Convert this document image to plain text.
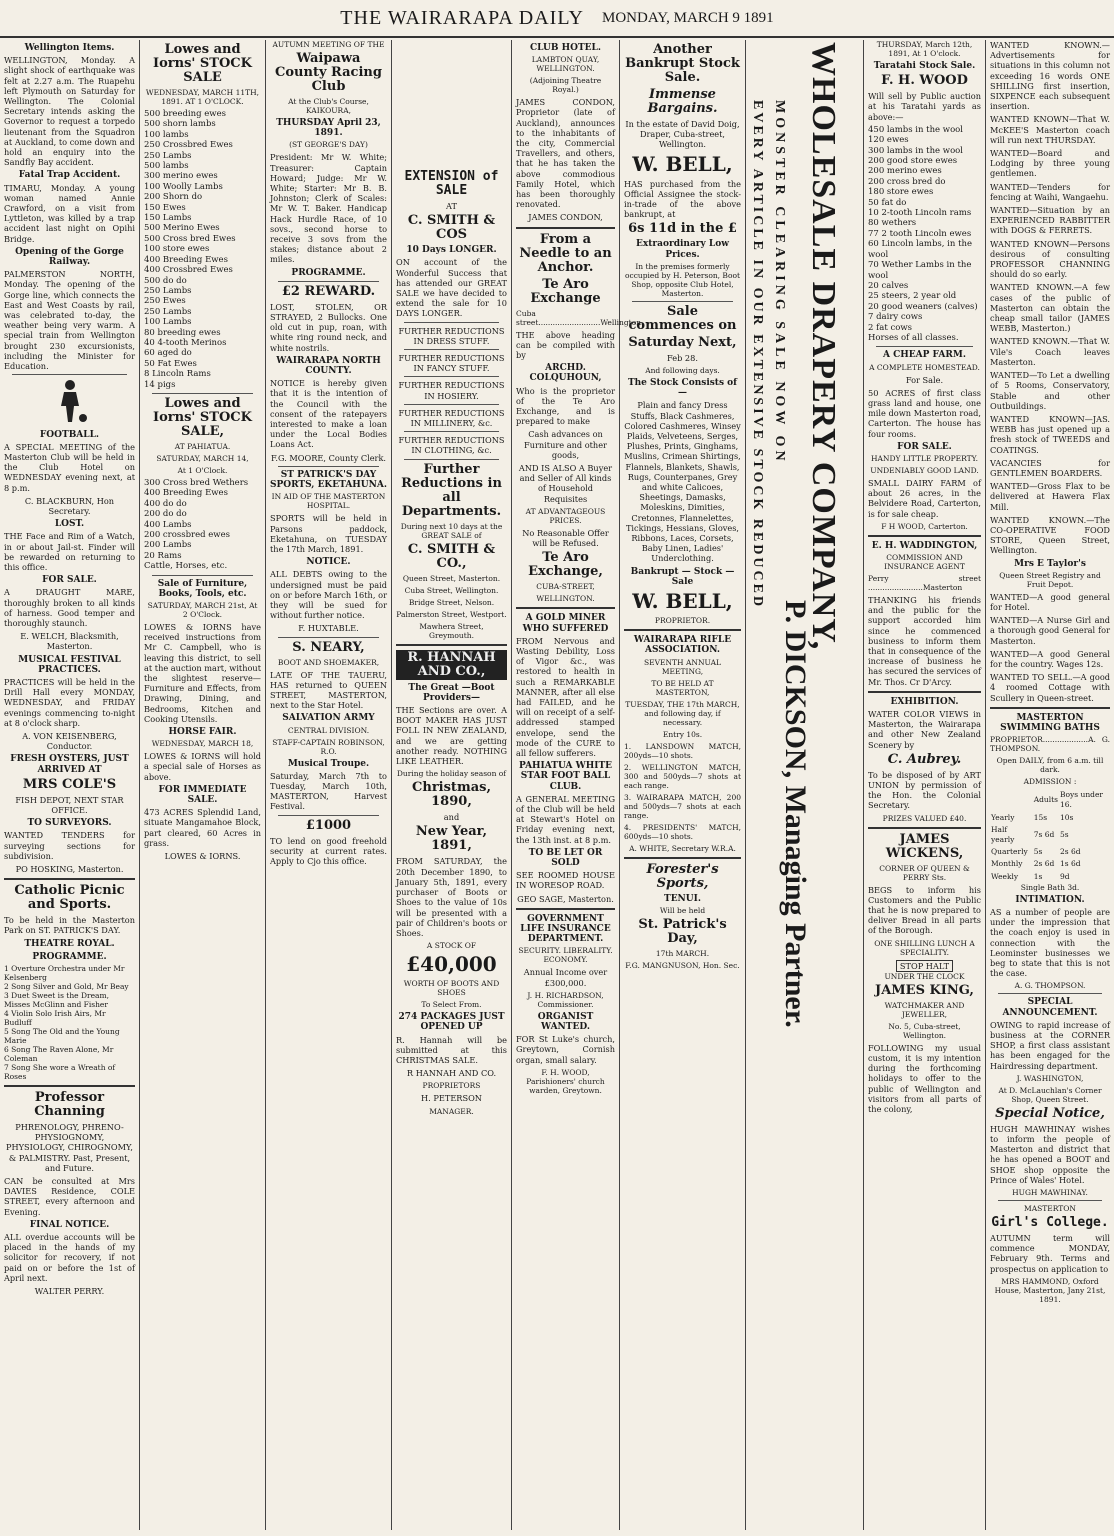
THE WAIRARAPA DAILY MONDAY, MARCH 9 1891
Wellington Items.

WELLINGTON, Monday. A slight shock of earthquake was felt at 2.27 a.m. The Ruapehu left Plymouth on Saturday for Wellington. The Colonial Secretary intends asking the Governor to request a torpedo lieutenant from the Squadron at Auckland, to come down and hold an enquiry into the Sandfly Bay accident.

Fatal Trap Accident.

TIMARU, Monday. A young woman named Annie Crawford, on a visit from Lyttleton, was killed by a trap accident last night on Opihi Bridge.

Opening of the Gorge Railway.

PALMERSTON NORTH, Monday. The opening of the Gorge line, which connects the East and West Coasts by rail, was celebrated to-day, the weather being very warm. A special train from Wellington brought 230 excursionists, including the Minister for Education.

FOOTBALL.

A SPECIAL MEETING of the Masterton Club will be held in the Club Hotel on WEDNESDAY evening next, at 8 p.m.

C. BLACKBURN, Hon Secretary.

LOST.

THE Face and Rim of a Watch, in or about Jail-st. Finder will be rewarded on returning to this office.

FOR SALE.

A DRAUGHT MARE, thoroughly broken to all kinds of harness. Good temper and thoroughly staunch.

E. WELCH, Blacksmith, Masterton.

MUSICAL FESTIVAL PRACTICES.

PRACTICES will be held in the Drill Hall every MONDAY, WEDNESDAY, and FRIDAY evenings commencing to-night at 8 o'clock sharp.

A. VON KEISENBERG, Conductor.

FRESH OYSTERS, JUST ARRIVED AT
MRS COLE'S

FISH DEPOT, NEXT STAR OFFICE.

TO SURVEYORS.

WANTED TENDERS for surveying sections for subdivision.

PO HOSKING, Masterton.

Catholic Picnic and Sports.

To be held in the Masterton Park on ST. PATRICK'S DAY.

THEATRE ROYAL.
PROGRAMME.
1 Overture Orchestra under Mr Kelsenberg
2 Song Silver and Gold, Mr Beay
3 Duet Sweet is the Dream, Misses McGlinn and Fisher
4 Violin Solo Irish Airs, Mr Budluff
5 Song The Old and the Young Marie
6 Song The Raven Alone, Mr Coleman
7 Song She wore a Wreath of Roses
Professor Channing

PHRENOLOGY, PHRENO-PHYSIOGNOMY, PHYSIOLOGY, CHIROGNOMY, & PALMISTRY. Past, Present, and Future.

CAN be consulted at Mrs DAVIES Residence, COLE STREET, every afternoon and Evening.

FINAL NOTICE.

ALL overdue accounts will be placed in the hands of my solicitor for recovery, if not paid on or before the 1st of April next.

WALTER PERRY.

Lowes and Iorns' STOCK SALE

WEDNESDAY, MARCH 11TH, 1891. AT 1 O'CLOCK.

500 breeding ewes
500 shorn lambs
100 lambs
250 Crossbred Ewes
250 Lambs
500 lambs
300 merino ewes
100 Woolly Lambs
200 Shorn do
150 Ewes
150 Lambs
500 Merino Ewes
500 Cross bred Ewes
100 store ewes
400 Breeding Ewes
400 Crossbred Ewes
500 do do
250 Lambs
250 Ewes
250 Lambs
100 Lambs
80 breeding ewes
40 4-tooth Merinos
60 aged do
50 Fat Ewes
8 Lincoln Rams
14 pigs
Lowes and Iorns' STOCK SALE,

AT PAHIATUA.

SATURDAY, MARCH 14,

At 1 O'Clock.

300 Cross bred Wethers
400 Breeding Ewes
400 do do
200 do do
400 Lambs
200 crossbred ewes
200 Lambs
20 Rams
Cattle, Horses, etc.
Sale of Furniture, Books, Tools, etc.

SATURDAY, MARCH 21st, At 2 O'Clock.

LOWES & IORNS have received instructions from Mr C. Campbell, who is leaving this district, to sell at the auction mart, without the slightest reserve— Furniture and Effects, from Drawing, Dining, and Bedrooms, Kitchen and Cooking Utensils.

HORSE FAIR.

WEDNESDAY, MARCH 18,

LOWES & IORNS will hold a special sale of Horses as above.

FOR IMMEDIATE SALE.

473 ACRES Splendid Land, situate Mangamahoe Block, part cleared, 60 Acres in grass.

LOWES & IORNS.

AUTUMN MEETING OF THE

Waipawa County Racing Club

At the Club's Course, KAIKOURA,

THURSDAY April 23, 1891.

(ST GEORGE'S DAY)

President: Mr W. White; Treasurer: Captain Howard; Judge: Mr W. White; Starter: Mr B. B. Johnston; Clerk of Scales: Mr W. T. Baker. Handicap Hack Hurdle Race, of 10 sovs., second horse to receive 3 sovs from the stakes; distance about 2 miles.

PROGRAMME.
£2 REWARD.

LOST, STOLEN, OR STRAYED, 2 Bullocks. One old cut in pup, roan, with white ring round neck, and white nostrils.

WAIRARAPA NORTH COUNTY.

NOTICE is hereby given that it is the intention of the Council with the consent of the ratepayers interested to make a loan under the Local Bodies Loans Act.

F.G. MOORE, County Clerk.

ST PATRICK'S DAY SPORTS, EKETAHUNA.

IN AID OF THE MASTERTON HOSPITAL.

SPORTS will be held in Parsons paddock, Eketahuna, on TUESDAY the 17th March, 1891.

NOTICE.

ALL DEBTS owing to the undersigned must be paid on or before March 16th, or they will be sued for without further notice.

F. HUXTABLE.

S. NEARY,

BOOT AND SHOEMAKER,

LATE OF THE TAUERU, HAS returned to QUEEN STREET, MASTERTON, next to the Star Hotel.

SALVATION ARMY

CENTRAL DIVISION.

STAFF-CAPTAIN ROBINSON, R.O.

Musical Troupe.

Saturday, March 7th to Tuesday, March 10th, MASTERTON, Harvest Festival.

£1000

TO lend on good freehold security at current rates. Apply to Cjo this office.

EXTENSION of SALE

AT

C. SMITH & COS
10 Days LONGER.

ON account of the Wonderful Success that has attended our GREAT SALE we have decided to extend the sale for 10 DAYS LONGER.

FURTHER REDUCTIONS IN DRESS STUFF.

FURTHER REDUCTIONS IN FANCY STUFF.

FURTHER REDUCTIONS IN HOSIERY.

FURTHER REDUCTIONS IN MILLINERY, &c.

FURTHER REDUCTIONS IN CLOTHING, &c.

Further Reductions in all Departments.

During next 10 days at the GREAT SALE of

C. SMITH & CO.,

Queen Street, Masterton.

Cuba Street, Wellington.

Bridge Street, Nelson.

Palmerston Street, Westport.

Mawhera Street, Greymouth.

R. HANNAH AND CO.,
The Great —Boot Providers—

THE Sections are over. A BOOT MAKER HAS JUST FOLL IN NEW ZEALAND, and we are getting another ready. NOTHING LIKE LEATHER.

During the holiday season of

Christmas, 1890,

and

New Year, 1891,

FROM SATURDAY, the 20th December 1890, to January 5th, 1891, every purchaser of Boots or Shoes to the value of 10s will be presented with a pair of Children's boots or Shoes.

A STOCK OF

£40,000

WORTH OF BOOTS AND SHOES

To Select From.

274 PACKAGES JUST OPENED UP

R. Hannah will be submitted at this CHRISTMAS SALE.

R HANNAH AND CO.

PROPRIETORS

H. PETERSON

MANAGER.

CLUB HOTEL.

LAMBTON QUAY, WELLINGTON.

(Adjoining Theatre Royal.)

JAMES CONDON, Proprietor (late of Auckland), announces to the inhabitants of the city, Commercial Travellers, and others, that he has taken the above commodious Family Hotel, which has been thoroughly renovated.

JAMES CONDON,

From a Needle to an Anchor.
Te Aro Exchange

Cuba street..........................Wellington.

THE above heading can be compiled with by

ARCHD. COLQUHOUN,

Who is the proprietor of the Te Aro Exchange, and is prepared to make

Cash advances on Furniture and other goods,

AND IS ALSO A Buyer and Seller of All kinds of Household Requisites

AT ADVANTAGEOUS PRICES.

No Reasonable Offer will be Refused.

Te Aro Exchange,

CUBA-STREET,

WELLINGTON.

A GOLD MINER WHO SUFFERED

FROM Nervous and Wasting Debility, Loss of Vigor &c., was restored to health in such a REMARKABLE MANNER, after all else had FAILED, and he will on receipt of a self-addressed stamped envelope, send the mode of the CURE to all fellow sufferers.

PAHIATUA WHITE STAR FOOT BALL CLUB.

A GENERAL MEETING of the Club will be held at Stewart's Hotel on Friday evening next, the 13th inst. at 8 p.m.

TO BE LET OR SOLD

SEE ROOMED HOUSE IN WORESOP ROAD.

GEO SAGE, Masterton.

GOVERNMENT LIFE INSURANCE DEPARTMENT.

SECURITY. LIBERALITY. ECONOMY.

Annual Income over £300,000.

J. H. RICHARDSON, Commissioner.

ORGANIST WANTED.

FOR St Luke's church, Greytown, Cornish organ, small salary.

F. H. WOOD, Parishioners' church warden, Greytown.

Another Bankrupt Stock Sale.
Immense Bargains.

In the estate of David Doig, Draper, Cuba-street, Wellington.

W. BELL,

HAS purchased from the Official Assignee the stock-in-trade of the above bankrupt, at

6s 11d in the £
Extraordinary Low Prices.

In the premises formerly occupied by H. Peterson, Boot Shop, opposite Club Hotel, Masterton.

Sale commences on
Saturday Next,

Feb 28.

And following days.

The Stock Consists of—

Plain and fancy Dress Stuffs, Black Cashmeres, Colored Cashmeres, Winsey Plaids, Velveteens, Serges, Plushes, Prints, Ginghams, Muslins, Crimean Shirtings, Flannels, Blankets, Shawls, Rugs, Counterpanes, Grey and white Calicoes, Sheetings, Damasks, Moleskins, Dimities, Cretonnes, Flannelettes, Tickings, Hessians, Gloves, Ribbons, Laces, Corsets, Baby Linen, Ladies' Underclothing.

Bankrupt — Stock — Sale
W. BELL,

PROPRIETOR.

WAIRARAPA RIFLE ASSOCIATION.

SEVENTH ANNUAL MEETING,

TO BE HELD AT MASTERTON,

TUESDAY, THE 17th MARCH, and following day, if necessary.

Entry 10s.

1. LANSDOWN MATCH, 200yds—10 shots.

2. WELLINGTON MATCH, 300 and 500yds—7 shots at each range.

3. WAIRARAPA MATCH, 200 and 500yds—7 shots at each range.

4. PRESIDENTS' MATCH, 600yds—10 shots.

A. WHITE, Secretary W.R.A.

Forester's Sports,
TENUI.

Will be held

St. Patrick's Day,

17th MARCH.

F.G. MANGNUSON, Hon. Sec.

WHOLESALE DRAPERY COMPANY,
P. DICKSON, Managing Partner.
MONSTER CLEARING SALE NOW ON
EVERY ARTICLE IN OUR EXTENSIVE STOCK REDUCED

THURSDAY, March 12th, 1891, At 1 O'clock.

Taratahi Stock Sale.
F. H. WOOD

Will sell by Public auction at his Taratahi yards as above:—

450 lambs in the wool
120 ewes
300 lambs in the wool
200 good store ewes
200 merino ewes
200 cross bred do
180 store ewes
50 fat do
10 2-tooth Lincoln rams
80 wethers
77 2 tooth Lincoln ewes
60 Lincoln lambs, in the wool
70 Wether Lambs in the wool
20 calves
25 steers, 2 year old
20 good weaners (calves)
7 dairy cows
2 fat cows
Horses of all classes.
A CHEAP FARM.

A COMPLETE HOMESTEAD.

For Sale.

50 ACRES of first class grass land and house, one mile down Masterton road, Carterton. The house has four rooms.

FOR SALE.

HANDY LITTLE PROPERTY.

UNDENIABLY GOOD LAND.

SMALL DAIRY FARM of about 26 acres, in the Belvidere Road, Carterton, is for sale cheap.

F H WOOD, Carterton.

E. H. WADDINGTON,

COMMISSION AND INSURANCE AGENT

Perry street .......................Masterton

THANKING his friends and the public for the support accorded him since he commenced business to inform them that in consequence of the increase of business he has secured the services of Mr. Thos. Cr D'Arcy.

EXHIBITION.

WATER COLOR VIEWS in Masterton, the Wairarapa and other New Zealand Scenery by

C. Aubrey.

To be disposed of by ART UNION by permission of the Hon. the Colonial Secretary.

PRIZES VALUED £40.

JAMES WICKENS,

CORNER OF QUEEN & PERRY Sts.

BEGS to inform his Customers and the Public that he is now prepared to deliver Bread in all parts of the Borough.

ONE SHILLING LUNCH A SPECIALITY.

STOP HALT

UNDER THE CLOCK

JAMES KING,

WATCHMAKER AND JEWELLER,

No. 5, Cuba-street, Wellington.

FOLLOWING my usual custom, it is my intention during the forthcoming holidays to offer to the public of Wellington and visitors from all parts of the colony,

WANTED KNOWN.—Advertisements for situations in this column not exceeding 16 words ONE SHILLING first insertion, SIXPENCE each subsequent insertion.

WANTED KNOWN—That W. McKEE'S Masterton coach will run next THURSDAY.

WANTED—Board and Lodging by three young gentlemen.

WANTED—Tenders for fencing at Waihi, Wangaehu.

WANTED—Situation by an EXPERIENCED RABBITTER with DOGS & FERRETS.

WANTED KNOWN—Persons desirous of consulting PROFESSOR CHANNING should do so early.

WANTED KNOWN.—A few cases of the public of Masterton can obtain the cheap small tailor (JAMES WEBB, Masterton.)

WANTED KNOWN.—That W. Vile's Coach leaves Masterton.

WANTED—To Let a dwelling of 5 Rooms, Conservatory, Stable and other Outbuildings.

WANTED KNOWN—JAS. WEBB has just opened up a fresh stock of TWEEDS and COATINGS.

VACANCIES for GENTLEMEN BOARDERS.

WANTED—Gross Flax to be delivered at Hawera Flax Mill.

WANTED KNOWN.—The CO-OPERATIVE FOOD STORE, Queen Street, Wellington.

Mrs E Taylor's

Queen Street Registry and Fruit Depot.

WANTED—A good general for Hotel.

WANTED—A Nurse Girl and a thorough good General for Masterton.

WANTED—A good General for the country. Wages 12s.

WANTED TO SELL.—A good 4 roomed Cottage with Scullery in Queen-street.

MASTERTON SWIMMING BATHS

PROPRIETOR...................A. G. THOMPSON.

Open DAILY, from 6 a.m. till dark.

ADMISSION :

	Adults	Boys under 16.
Yearly	15s	10s
Half yearly	7s 6d	5s
Quarterly	5s	2s 6d
Monthly	2s 6d	1s 6d
Weekly	1s	9d

Single Bath 3d.

INTIMATION.

AS a number of people are under the impression that the coach enjoy is used in connection with the Leominster businesses we beg to state that this is not the case.

A. G. THOMPSON.

SPECIAL ANNOUNCEMENT.

OWING to rapid increase of business at the CORNER SHOP, a first class assistant has been engaged for the Hairdressing department.

J. WASHINGTON,

At D. McLauchlan's Corner Shop, Queen Street.

Special Notice,

HUGH MAWHINAY wishes to inform the people of Masterton and district that he has opened a BOOT and SHOE shop opposite the Prince of Wales' Hotel.

HUGH MAWHINAY.

MASTERTON

Girl's College.

AUTUMN term will commence MONDAY, February 9th. Terms and prospectus on application to

MRS HAMMOND, Oxford House, Masterton, Jany 21st, 1891.
